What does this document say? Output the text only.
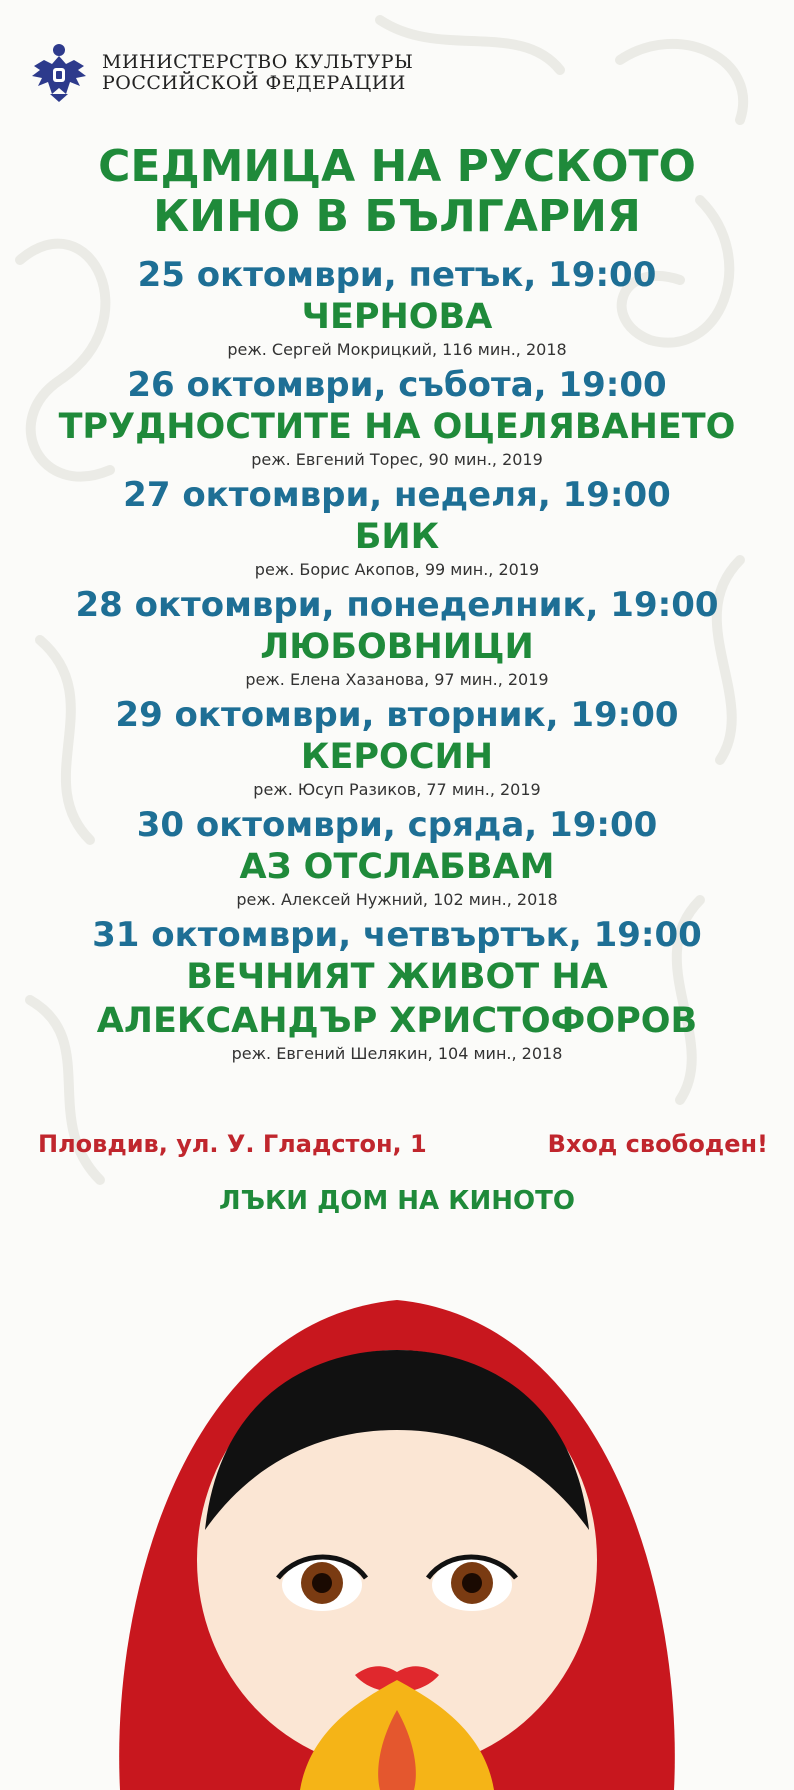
МИНИСТЕРСТВО КУЛЬТУРЫ
РОССИЙСКОЙ ФЕДЕРАЦИИ
СЕДМИЦА НА РУСКОТО
КИНО В БЪЛГАРИЯ
25 октомври, петък, 19:00
ЧЕРНОВА
реж. Сергей Мокрицкий, 116 мин., 2018
26 октомври, събота, 19:00
ТРУДНОСТИТЕ НА ОЦЕЛЯВАНЕТО
реж. Евгений Торес, 90 мин., 2019
27 октомври, неделя, 19:00
БИК
реж. Борис Акопов, 99 мин., 2019
28 октомври, понеделник, 19:00
ЛЮБОВНИЦИ
реж. Елена Хазанова, 97 мин., 2019
29 октомври, вторник, 19:00
КЕРОСИН
реж. Юсуп Разиков, 77 мин., 2019
30 октомври, сряда, 19:00
АЗ ОТСЛАБВАМ
реж. Алексей Нужний, 102 мин., 2018
31 октомври, четвъртък, 19:00
ВЕЧНИЯТ ЖИВОТ НА
АЛЕКСАНДЪР ХРИСТОФОРОВ
реж. Евгений Шелякин, 104 мин., 2018
Пловдив, ул. У. Гладстон, 1	Вход свободен!
ЛЪКИ ДОМ НА КИНОТО
